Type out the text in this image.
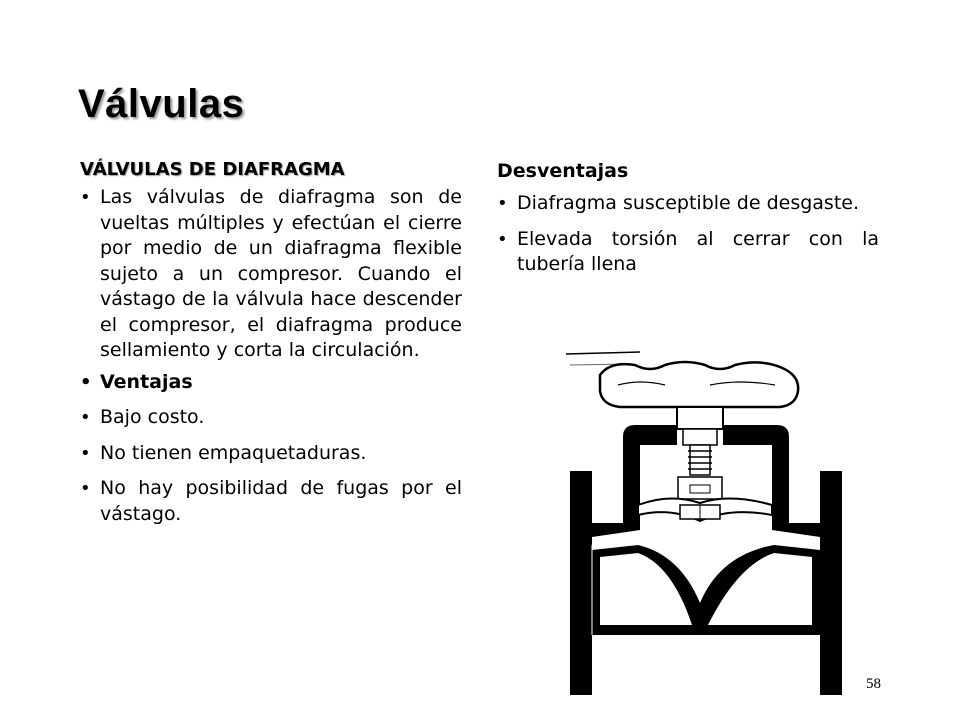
Válvulas
VÁLVULAS DE DIAFRAGMA
• Las válvulas de diafragma son de vueltas múltiples y efectúan el cierre por medio de un diafragma flexible sujeto a un compresor. Cuando el vástago de la válvula hace descender el compresor, el diafragma produce sellamiento y corta la circulación.
• Ventajas
• Bajo costo.
• No tienen empaquetaduras.
• No hay posibilidad de fugas por el vástago.
Desventajas
• Diafragma susceptible de desgaste.
• Elevada torsión al cerrar con la tubería llena
58
